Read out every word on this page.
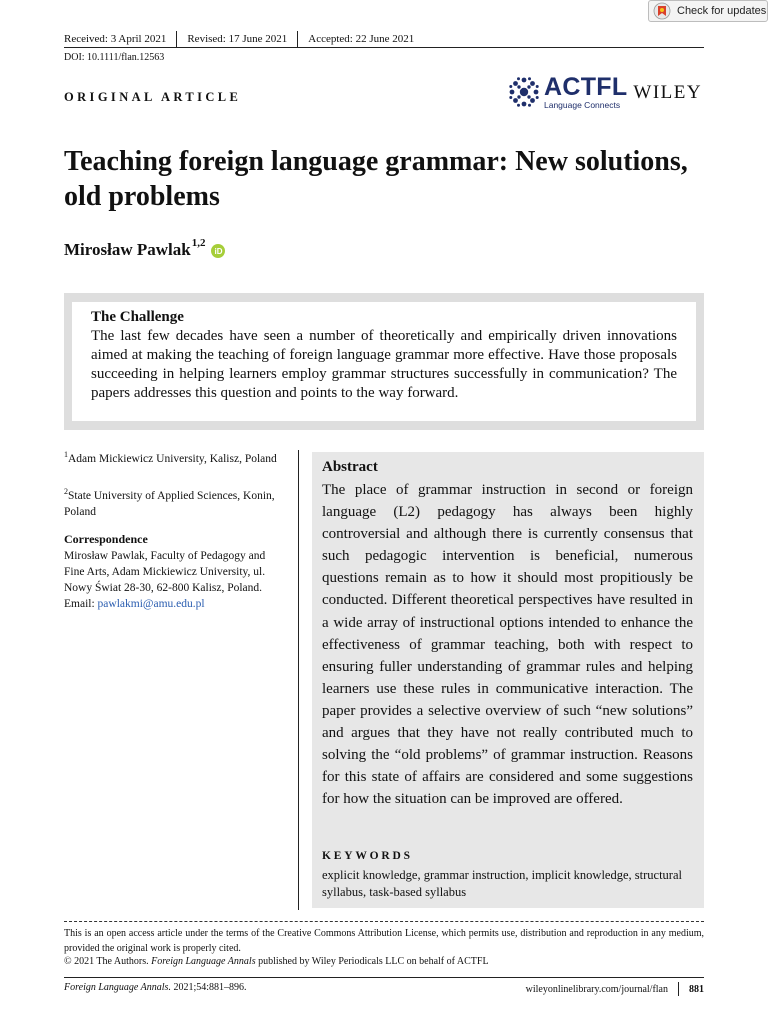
Check for updates
Received: 3 April 2021 Revised: 17 June 2021 Accepted: 22 June 2021
DOI: 10.1111/flan.12563
ORIGINAL ARTICLE	ACTFL
Language Connects
WILEY
Teaching foreign language grammar: New solutions, old problems
Mirosław Pawlak$^{1,2}$
iD
The Challenge

The last few decades have seen a number of theoretically and empirically driven innovations aimed at making the teaching of foreign language grammar more effective. Have those proposals succeeding in helping learners employ grammar structures successfully in communication? The papers addresses this question and points to the way forward.

$^1$Adam Mickiewicz University, Kalisz, Poland

$^2$State University of Applied Sciences, Konin, Poland

Correspondence

Mirosław Pawlak, Faculty of Pedagogy and Fine Arts, Adam Mickiewicz University, ul. Nowy Świat 28-30, 62-800 Kalisz, Poland.
Email: pawlakmi@amu.edu.pl

Abstract

The place of grammar instruction in second or foreign language (L2) pedagogy has always been highly controversial and although there is currently consensus that such pedagogic intervention is beneficial, numerous questions remain as to how it should most propitiously be conducted. Different theoretical perspectives have resulted in a wide array of instructional options intended to enhance the effectiveness of grammar teaching, both with respect to ensuring fuller understanding of grammar rules and helping learners use these rules in communicative interaction. The paper provides a selective overview of such “new solutions” and argues that they have not really contributed much to solving the “old problems” of grammar instruction. Reasons for this state of affairs are considered and some suggestions for how the situation can be improved are offered.

KEYWORDS

explicit knowledge, grammar instruction, implicit knowledge, structural syllabus, task-based syllabus

This is an open access article under the terms of the Creative Commons Attribution License, which permits use, distribution and reproduction in any medium, provided the original work is properly cited.

© 2021 The Authors. Foreign Language Annals published by Wiley Periodicals LLC on behalf of ACTFL
Foreign Language Annals. 2021;54:881–896.	wileyonlinelibrary.com/journal/flan 881
